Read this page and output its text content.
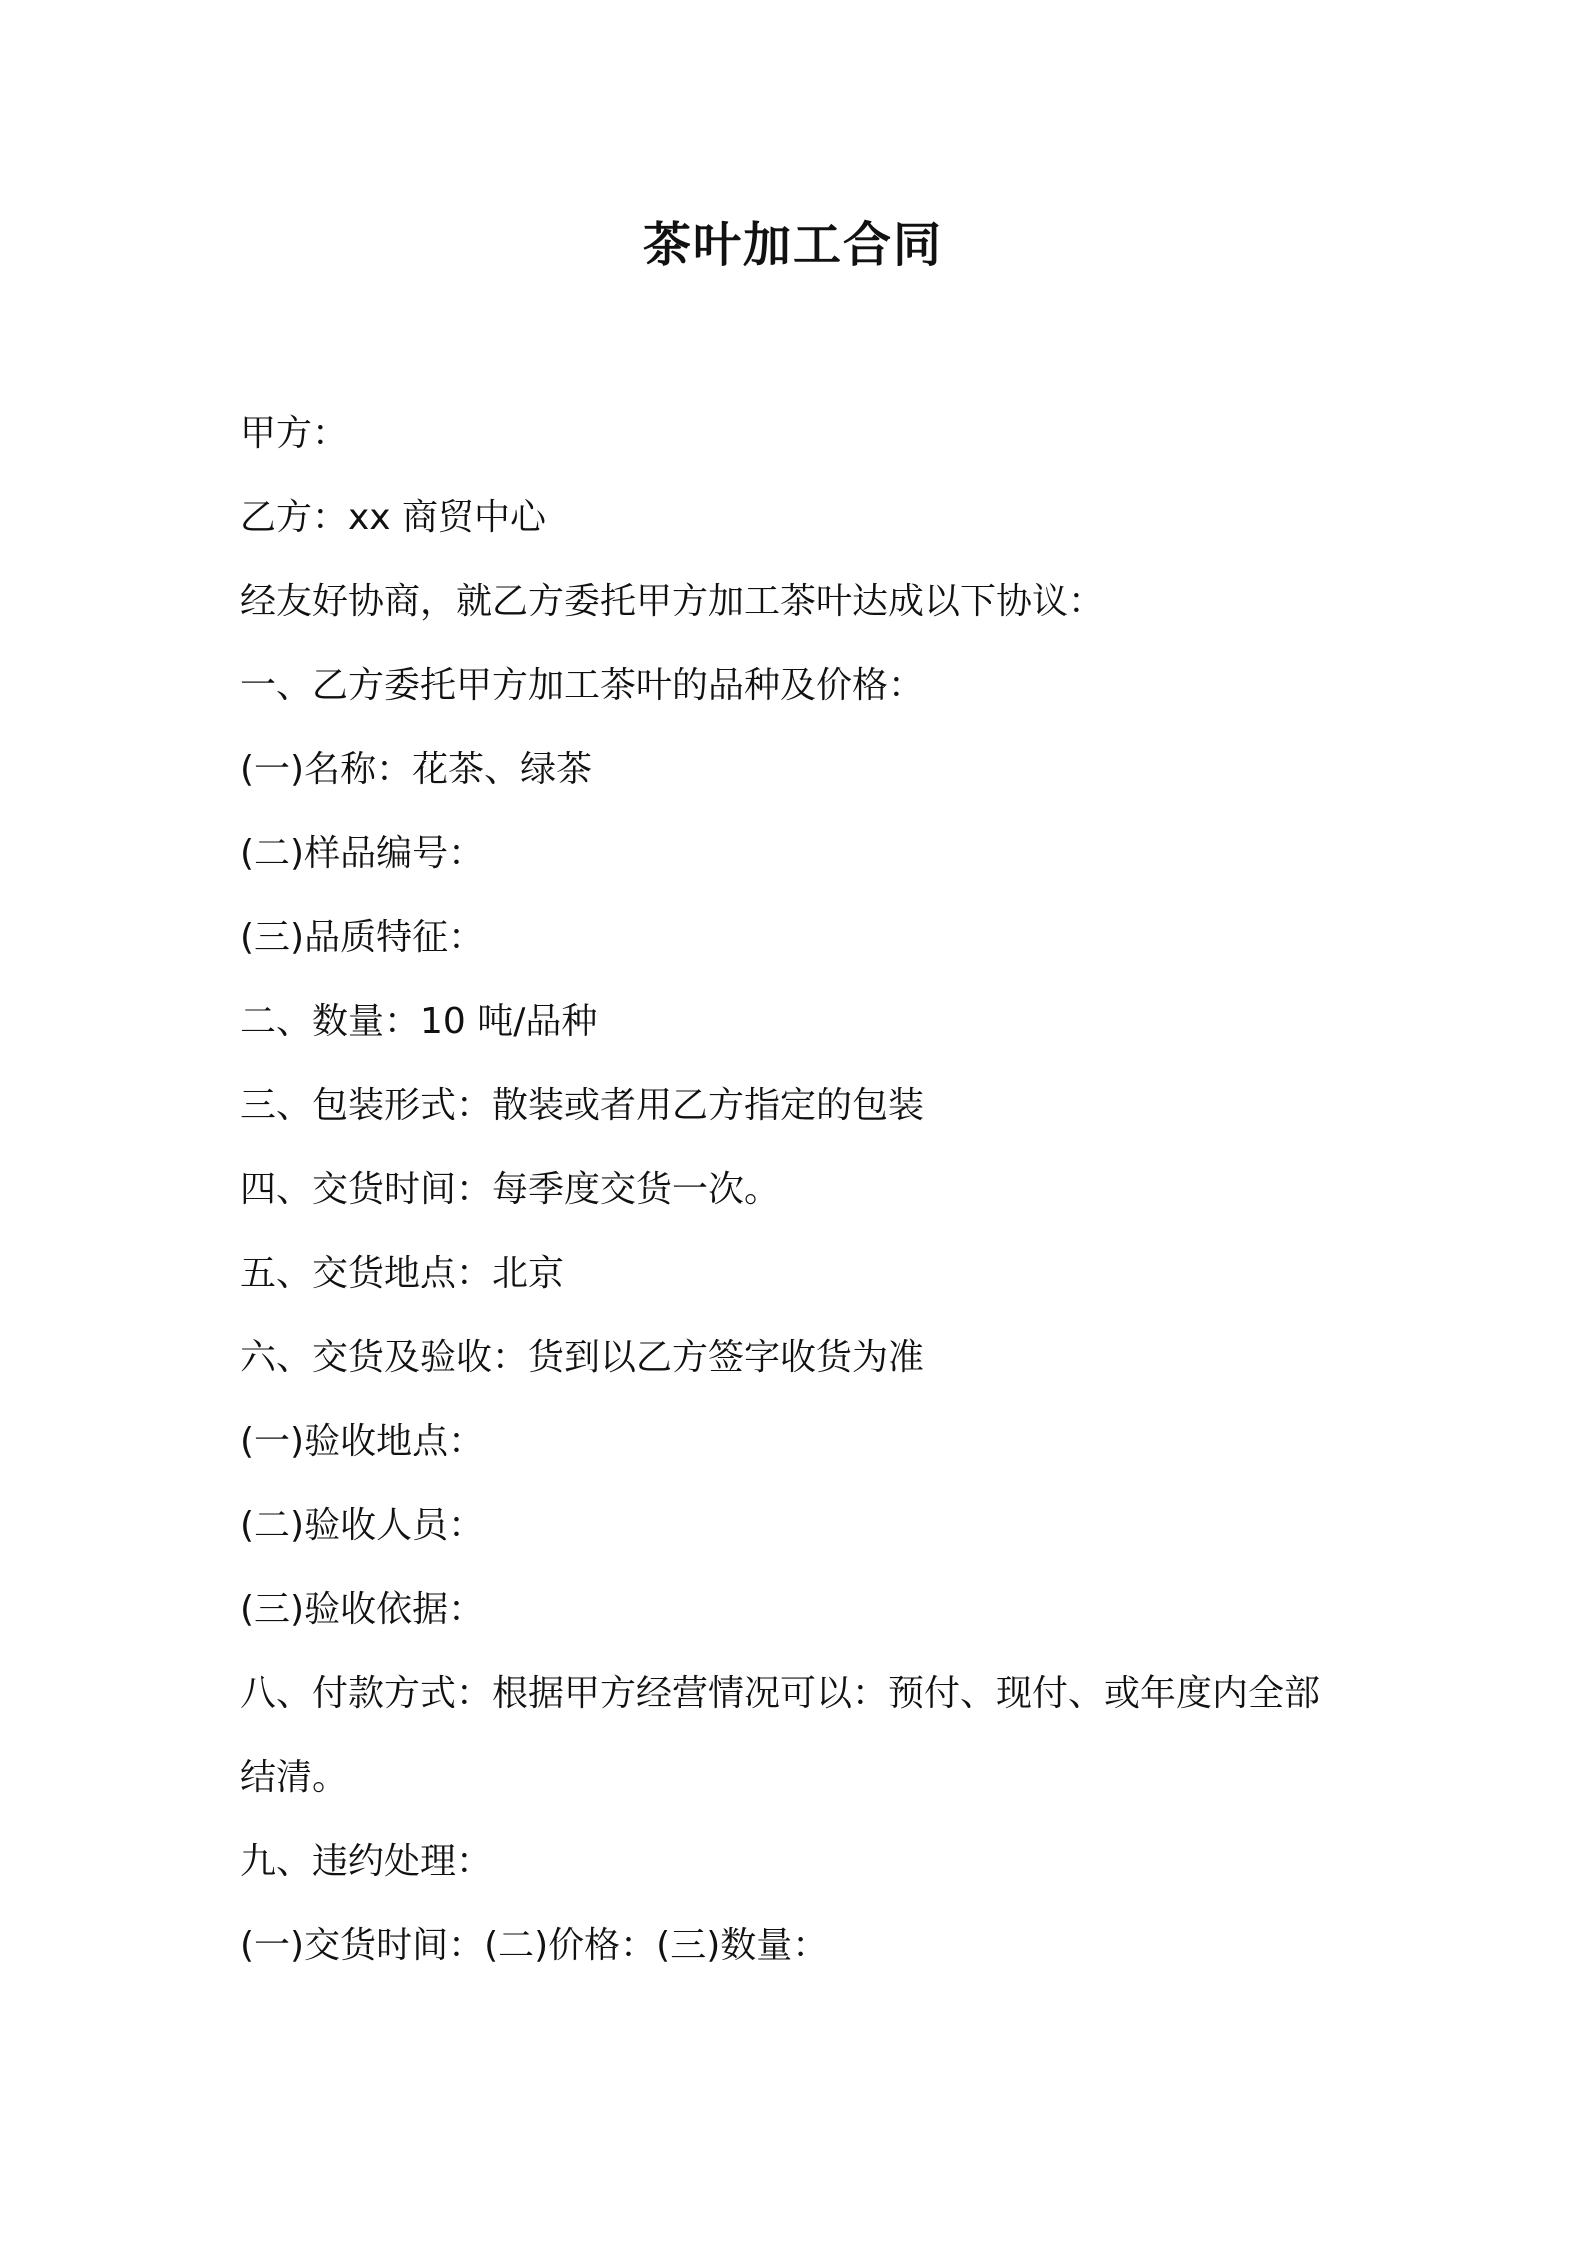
茶叶加工合同
甲方：
乙方：xx 商贸中心
经友好协商，就乙方委托甲方加工茶叶达成以下协议：
一、乙方委托甲方加工茶叶的品种及价格：
(一)名称：花茶、绿茶
(二)样品编号：
(三)品质特征：
二、数量：10 吨/品种
三、包装形式：散装或者用乙方指定的包装
四、交货时间：每季度交货一次。
五、交货地点：北京
六、交货及验收：货到以乙方签字收货为准
(一)验收地点：
(二)验收人员：
(三)验收依据：
八、付款方式：根据甲方经营情况可以：预付、现付、或年度内全部
结清。
九、违约处理：
(一)交货时间：(二)价格：(三)数量：
